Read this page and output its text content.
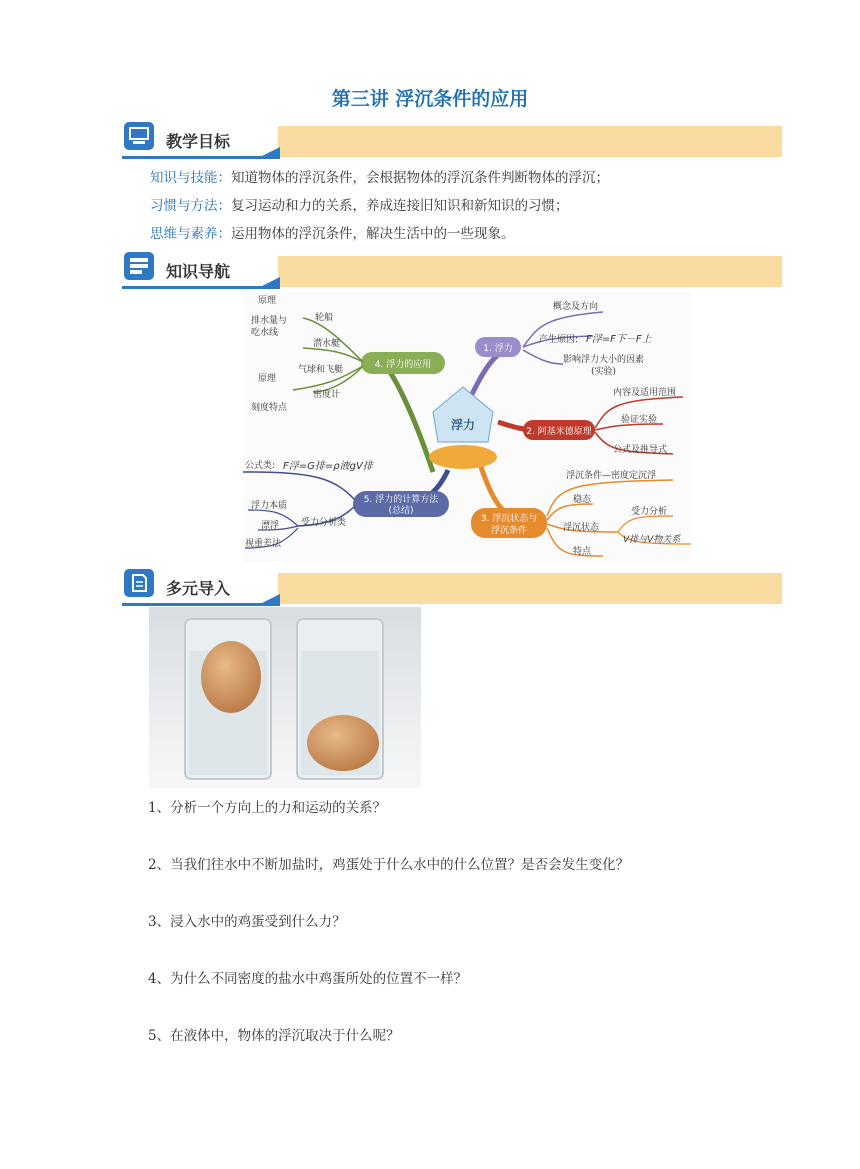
第三讲 浮沉条件的应用
教学目标
知识与技能：知道物体的浮沉条件，会根据物体的浮沉条件判断物体的浮沉；
习惯与方法：复习运动和力的关系，养成连接旧知识和新知识的习惯；
思维与素养：运用物体的浮沉条件，解决生活中的一些现象。
知识导航
4. 浮力的应用
原理
排水量与
吃水线
轮船
潜水艇
气球和飞艇
原理
密度计
刻度特点
1. 浮力
概念及方向
产生原因: F浮=F下－F上
影响浮力大小的因素
(实验)
浮力	2. 阿基米德原理
内容及适用范围
验证实验
公式及推导式
5. 浮力的计算方法
(总结)
公式类: F浮=G排=ρ液gV排
浮力本质
漂浮 受力分析类
视重差法
3. 浮沉状态与
浮沉条件
浮沉条件—密度定沉浮
稳态
浮沉状态
受力分析
V排与V物关系
特点
多元导入
1、分析一个方向上的力和运动的关系？
2、当我们往水中不断加盐时，鸡蛋处于什么水中的什么位置？是否会发生变化？
3、浸入水中的鸡蛋受到什么力？
4、为什么不同密度的盐水中鸡蛋所处的位置不一样？
5、在液体中，物体的浮沉取决于什么呢？
